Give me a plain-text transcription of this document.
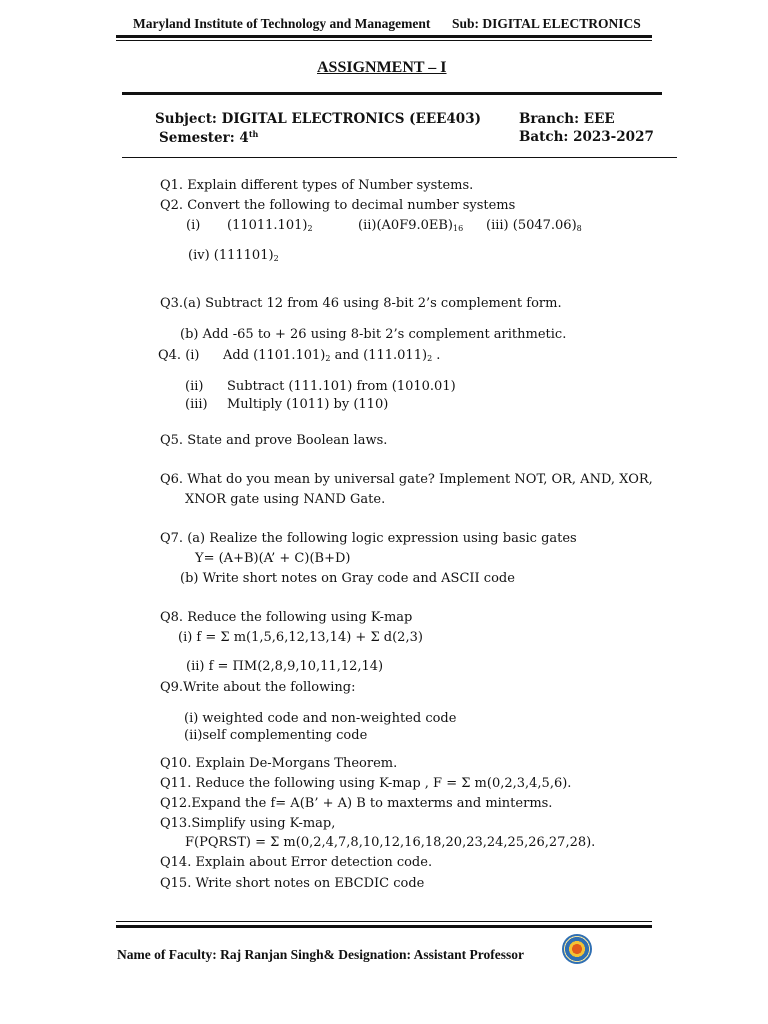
Maryland Institute of Technology and Management Sub: DIGITAL ELECTRONICS
ASSIGNMENT – I
Subject: DIGITAL ELECTRONICS (EEE403)
Semester: 4th
Branch: EEE
Batch: 2023-2027
Q1. Explain different types of Number systems.
Q2. Convert the following to decimal number systems
(i) $(11011.101)_2$	$(ii)(A0F9.0EB)_{16}$ (iii) $(5047.06)_8$
(iv) $(111101)_2$
Q3.(a) Subtract 12 from 46 using 8-bit 2’s complement form.
(b) Add -65 to + 26 using 8-bit 2’s complement arithmetic.
Q4. (i) Add $(1101.101)_2$ and $(111.011)_2$ .
(ii) Subtract (111.101) from (1010.01)
(iii) Multiply (1011) by (110)
Q5. State and prove Boolean laws.
Q6. What do you mean by universal gate? Implement NOT, OR, AND, XOR,
XNOR gate using NAND Gate.
Q7. (a) Realize the following logic expression using basic gates
Y= (A+B)(A’ + C)(B+D)
(b) Write short notes on Gray code and ASCII code
Q8. Reduce the following using K-map
(i) f = Σ m(1,5,6,12,13,14) + Σ d(2,3)
(ii) f = ΠM(2,8,9,10,11,12,14)
Q9.Write about the following:
(i) weighted code and non-weighted code
(ii)self complementing code
Q10. Explain De-Morgans Theorem.
Q11. Reduce the following using K-map , F = Σ m(0,2,3,4,5,6).
Q12.Expand the f= A(B’ + A) B to maxterms and minterms.
Q13.Simplify using K-map,
F(PQRST) = Σ m(0,2,4,7,8,10,12,16,18,20,23,24,25,26,27,28).
Q14. Explain about Error detection code.
Q15. Write short notes on EBCDIC code
Name of Faculty: Raj Ranjan Singh& Designation: Assistant Professor
